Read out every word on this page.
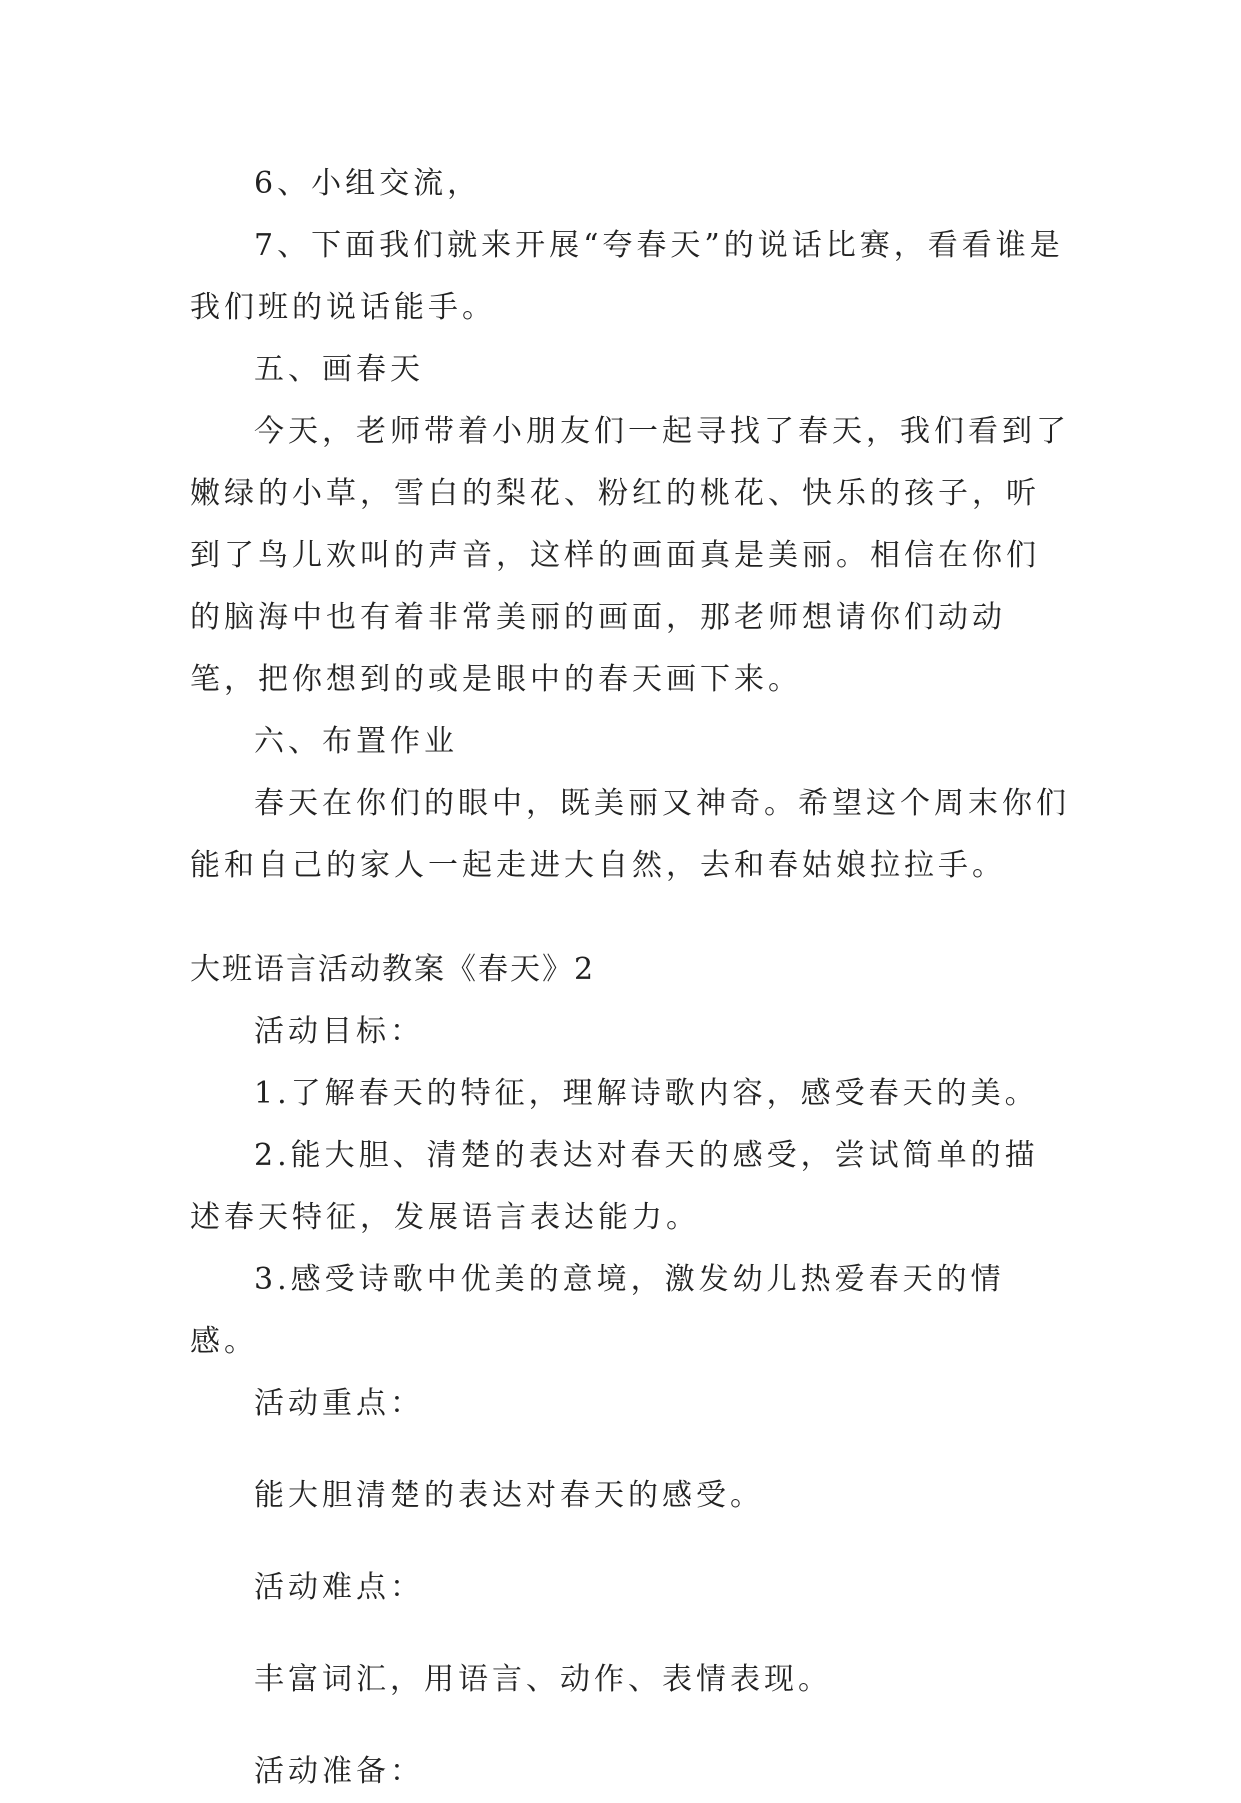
6、小组交流，

7、下面我们就来开展“夸春天”的说话比赛，看看谁是我们班的说话能手。

五、画春天

今天，老师带着小朋友们一起寻找了春天，我们看到了嫩绿的小草，雪白的梨花、粉红的桃花、快乐的孩子，听到了鸟儿欢叫的声音，这样的画面真是美丽。相信在你们的脑海中也有着非常美丽的画面，那老师想请你们动动笔，把你想到的或是眼中的春天画下来。

六、布置作业

春天在你们的眼中，既美丽又神奇。希望这个周末你们能和自己的家人一起走进大自然，去和春姑娘拉拉手。

大班语言活动教案《春天》2

活动目标：

1.了解春天的特征，理解诗歌内容，感受春天的美。

2.能大胆、清楚的表达对春天的感受，尝试简单的描述春天特征，发展语言表达能力。

3.感受诗歌中优美的意境，激发幼儿热爱春天的情感。

活动重点：

能大胆清楚的表达对春天的感受。

活动难点：

丰富词汇，用语言、动作、表情表现。

活动准备：
